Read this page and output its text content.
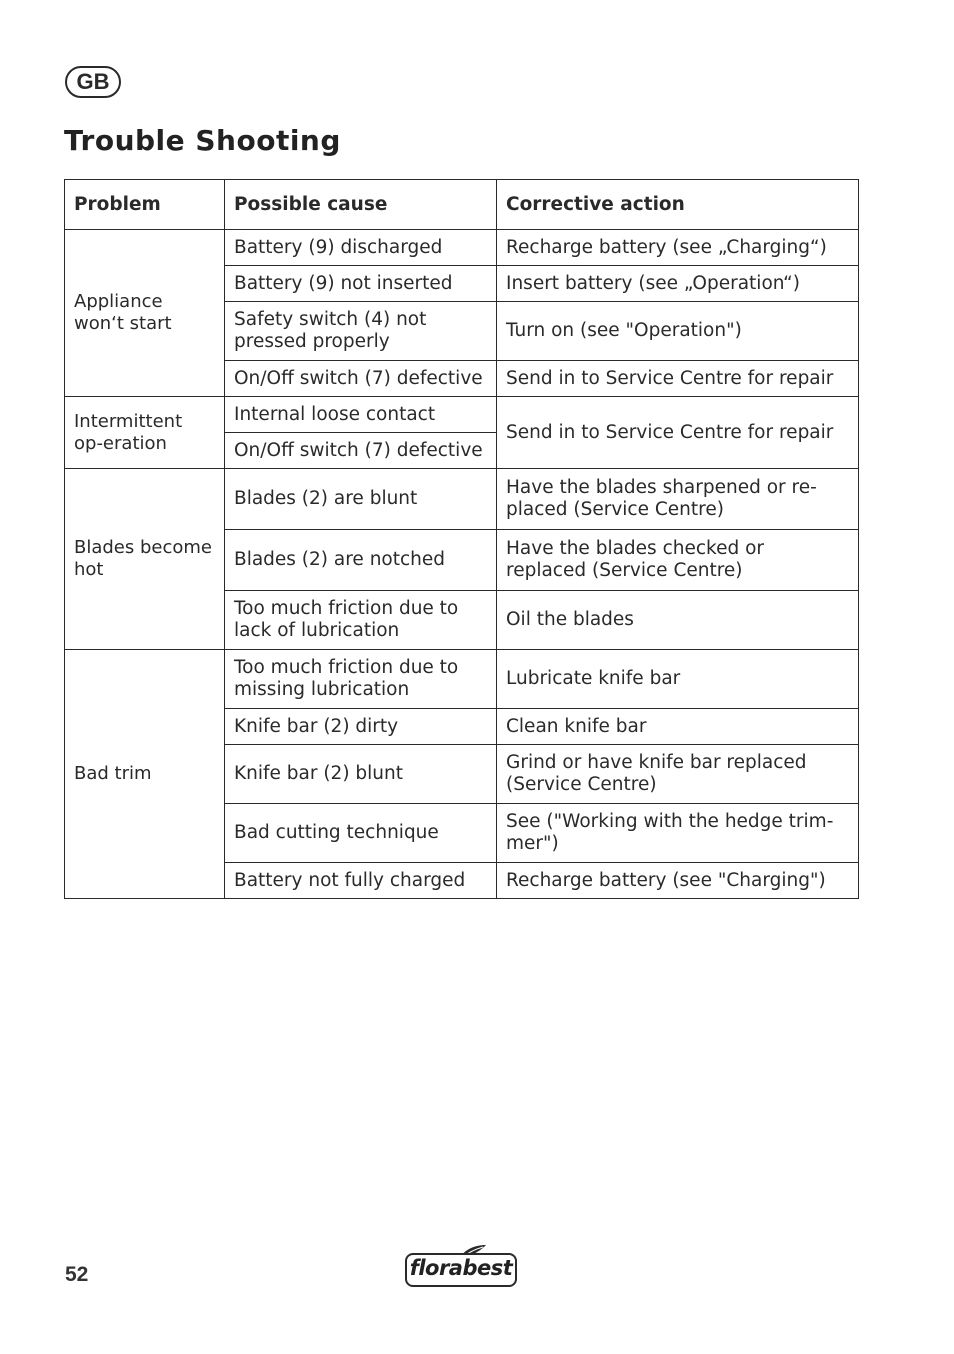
GB
Trouble Shooting
Problem	Possible cause	Corrective action
Appliance won‘t start	Battery (9) discharged	Recharge battery (see „Charging“)
	Battery (9) not inserted	Insert battery (see „Operation“)
	Safety switch (4) not pressed properly	Turn on (see "Operation")
	On/Off switch (7) defective	Send in to Service Centre for repair
Intermittent op-eration	Internal loose contact	Send in to Service Centre for repair
	On/Off switch (7) defective	
Blades become hot	Blades (2) are blunt	Have the blades sharpened or re-placed (Service Centre)
	Blades (2) are notched	Have the blades checked or replaced (Service Centre)
	Too much friction due to lack of lubrication	Oil the blades
Bad trim	Too much friction due to missing lubrication	Lubricate knife bar
	Knife bar (2) dirty	Clean knife bar
	Knife bar (2) blunt	Grind or have knife bar replaced (Service Centre)
	Bad cutting technique	See ("Working with the hedge trim-mer")
	Battery not fully charged	Recharge battery (see "Charging")
52	florabest
